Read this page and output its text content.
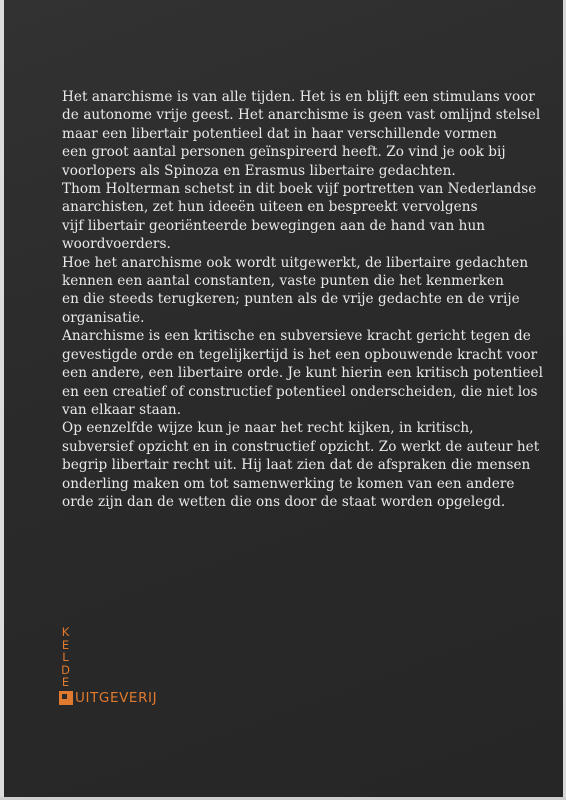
Het anarchisme is van alle tijden. Het is en blijft een stimulans voor
de autonome vrije geest. Het anarchisme is geen vast omlijnd stelsel
maar een libertair potentieel dat in haar verschillende vormen
een groot aantal personen geïnspireerd heeft. Zo vind je ook bij
voorlopers als Spinoza en Erasmus libertaire gedachten.
Thom Holterman schetst in dit boek vijf portretten van Nederlandse
anarchisten, zet hun ideeën uiteen en bespreekt vervolgens
vijf libertair georiënteerde bewegingen aan de hand van hun
woordvoerders.
Hoe het anarchisme ook wordt uitgewerkt, de libertaire gedachten
kennen een aantal constanten, vaste punten die het kenmerken
en die steeds terugkeren; punten als de vrije gedachte en de vrije
organisatie.
Anarchisme is een kritische en subversieve kracht gericht tegen de
gevestigde orde en tegelijkertijd is het een opbouwende kracht voor
een andere, een libertaire orde. Je kunt hierin een kritisch potentieel
en een creatief of constructief potentieel onderscheiden, die niet los
van elkaar staan.
Op eenzelfde wijze kun je naar het recht kijken, in kritisch,
subversief opzicht en in constructief opzicht. Zo werkt de auteur het
begrip libertair recht uit. Hij laat zien dat de afspraken die mensen
onderling maken om tot samenwerking te komen van een andere
orde zijn dan de wetten die ons door de staat worden opgelegd.
K
E
L
D
E
UITGEVERIJ
